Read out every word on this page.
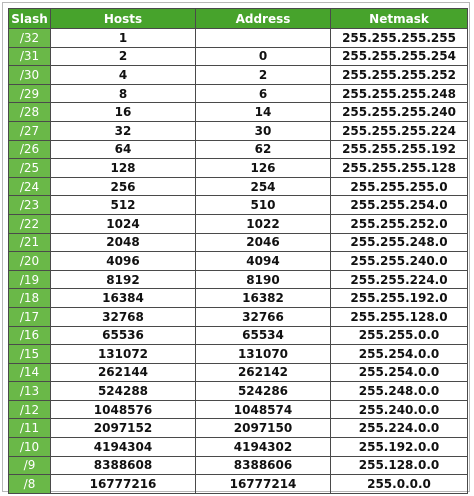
Slash	Hosts	Address	Netmask
/32	1		255.255.255.255
/31	2	0	255.255.255.254
/30	4	2	255.255.255.252
/29	8	6	255.255.255.248
/28	16	14	255.255.255.240
/27	32	30	255.255.255.224
/26	64	62	255.255.255.192
/25	128	126	255.255.255.128
/24	256	254	255.255.255.0
/23	512	510	255.255.254.0
/22	1024	1022	255.255.252.0
/21	2048	2046	255.255.248.0
/20	4096	4094	255.255.240.0
/19	8192	8190	255.255.224.0
/18	16384	16382	255.255.192.0
/17	32768	32766	255.255.128.0
/16	65536	65534	255.255.0.0
/15	131072	131070	255.254.0.0
/14	262144	262142	255.254.0.0
/13	524288	524286	255.248.0.0
/12	1048576	1048574	255.240.0.0
/11	2097152	2097150	255.224.0.0
/10	4194304	4194302	255.192.0.0
/9	8388608	8388606	255.128.0.0
/8	16777216	16777214	255.0.0.0
